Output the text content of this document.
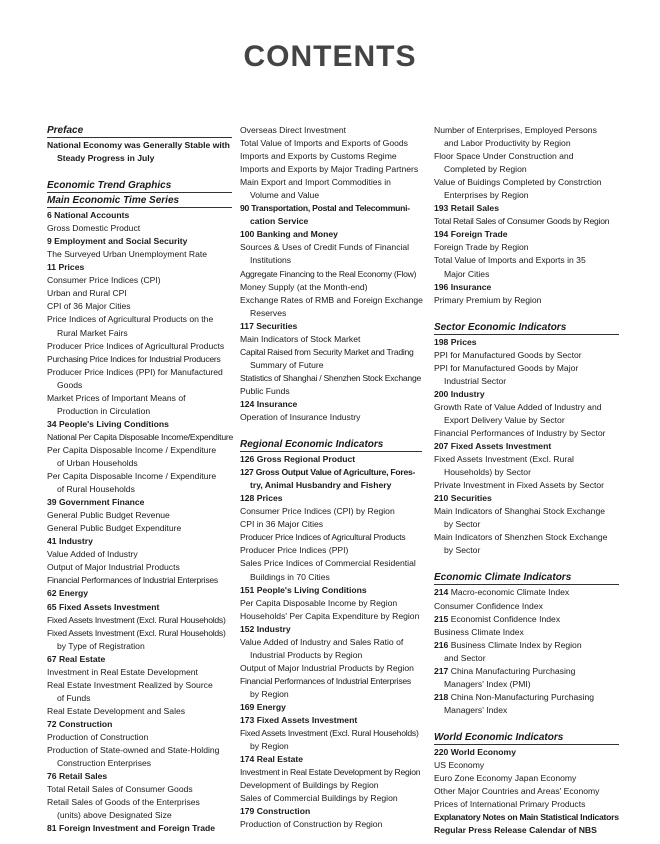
CONTENTS
Preface
National Economy was Generally Stable with
Steady Progress in July
Economic Trend Graphics
Main Economic Time Series
6 National Accounts
Gross Domestic Product
9 Employment and Social Security
The Surveyed Urban Unemployment Rate
11 Prices
Consumer Price Indices (CPI)
Urban and Rural CPI
CPI of 36 Major Cities
Price Indices of Agricultural Products on the
Rural Market Fairs
Producer Price Indices of Agricultural Products
Purchasing Price Indices for Industrial Producers
Producer Price Indices (PPI) for Manufactured
Goods
Market Prices of Important Means of
Production in Circulation
34 People's Living Conditions
National Per Capita Disposable Income/Expenditure
Per Capita Disposable Income / Expenditure
of Urban Households
Per Capita Disposable Income / Expenditure
of Rural Households
39 Government Finance
General Public Budget Revenue
General Public Budget Expenditure
41 Industry
Value Added of Industry
Output of Major Industrial Products
Financial Performances of Industrial Enterprises
62 Energy
65 Fixed Assets Investment
Fixed Assets Investment (Excl. Rural Households)
Fixed Assets Investment (Excl. Rural Households)
by Type of Registration
67 Real Estate
Investment in Real Estate Development
Real Estate Investment Realized by Source
of Funds
Real Estate Development and Sales
72 Construction
Production of Construction
Production of State-owned and State-Holding
Construction Enterprises
76 Retail Sales
Total Retail Sales of Consumer Goods
Retail Sales of Goods of the Enterprises
(units) above Designated Size
81 Foreign Investment and Foreign Trade
Overseas Direct Investment
Total Value of Imports and Exports of Goods
Imports and Exports by Customs Regime
Imports and Exports by Major Trading Partners
Main Export and Import Commodities in
Volume and Value
90 Transportation, Postal and Telecommuni-
cation Service
100 Banking and Money
Sources & Uses of Credit Funds of Financial
Institutions
Aggregate Financing to the Real Economy (Flow)
Money Supply (at the Month-end)
Exchange Rates of RMB and Foreign Exchange
Reserves
117 Securities
Main Indicators of Stock Market
Capital Raised from Security Market and Trading
Summary of Future
Statistics of Shanghai / Shenzhen Stock Exchange
Public Funds
124 Insurance
Operation of Insurance Industry
Regional Economic Indicators
126 Gross Regional Product
127 Gross Output Value of Agriculture, Fores-
try, Animal Husbandry and Fishery
128 Prices
Consumer Price Indices (CPI) by Region
CPI in 36 Major Cities
Producer Price Indices of Agricultural Products
Producer Price Indices (PPI)
Sales Price Indices of Commercial Residential
Buildings in 70 Cities
151 People's Living Conditions
Per Capita Disposable Income by Region
Households' Per Capita Expenditure by Region
152 Industry
Value Added of Industry and Sales Ratio of
Industrial Products by Region
Output of Major Industrial Products by Region
Financial Performances of Industrial Enterprises
by Region
169 Energy
173 Fixed Assets Investment
Fixed Assets Investment (Excl. Rural Households)
by Region
174 Real Estate
Investment in Real Estate Development by Region
Development of Buildings by Region
Sales of Commercial Buildings by Region
179 Construction
Production of Construction by Region
Number of Enterprises, Employed Persons
and Labor Productivity by Region
Floor Space Under Construction and
Completed by Region
Value of Buidings Completed by Constrction
Enterprises by Region
193 Retail Sales
Total Retail Sales of Consumer Goods by Region
194 Foreign Trade
Foreign Trade by Region
Total Value of Imports and Exports in 35
Major Cities
196 Insurance
Primary Premium by Region
Sector Economic Indicators
198 Prices
PPI for Manufactured Goods by Sector
PPI for Manufactured Goods by Major
Industrial Sector
200 Industry
Growth Rate of Value Added of Industry and
Export Delivery Value by Sector
Financial Performances of Industry by Sector
207 Fixed Assets Investment
Fixed Assets Investment (Excl. Rural
Households) by Sector
Private Investment in Fixed Assets by Sector
210 Securities
Main Indicators of Shanghai Stock Exchange
by Sector
Main Indicators of Shenzhen Stock Exchange
by Sector
Economic Climate Indicators
214 Macro-economic Climate Index
Consumer Confidence Index
215 Economist Confidence Index
Business Climate Index
216 Business Climate Index by Region
and Sector
217 China Manufacturing Purchasing
Managers' Index (PMI)
218 China Non-Manufacturing Purchasing
Managers' Index
World Economic Indicators
220 World Economy
US Economy
Euro Zone Economy Japan Economy
Other Major Countries and Areas' Economy
Prices of International Primary Products
Explanatory Notes on Main Statistical Indicators
Regular Press Release Calendar of NBS
